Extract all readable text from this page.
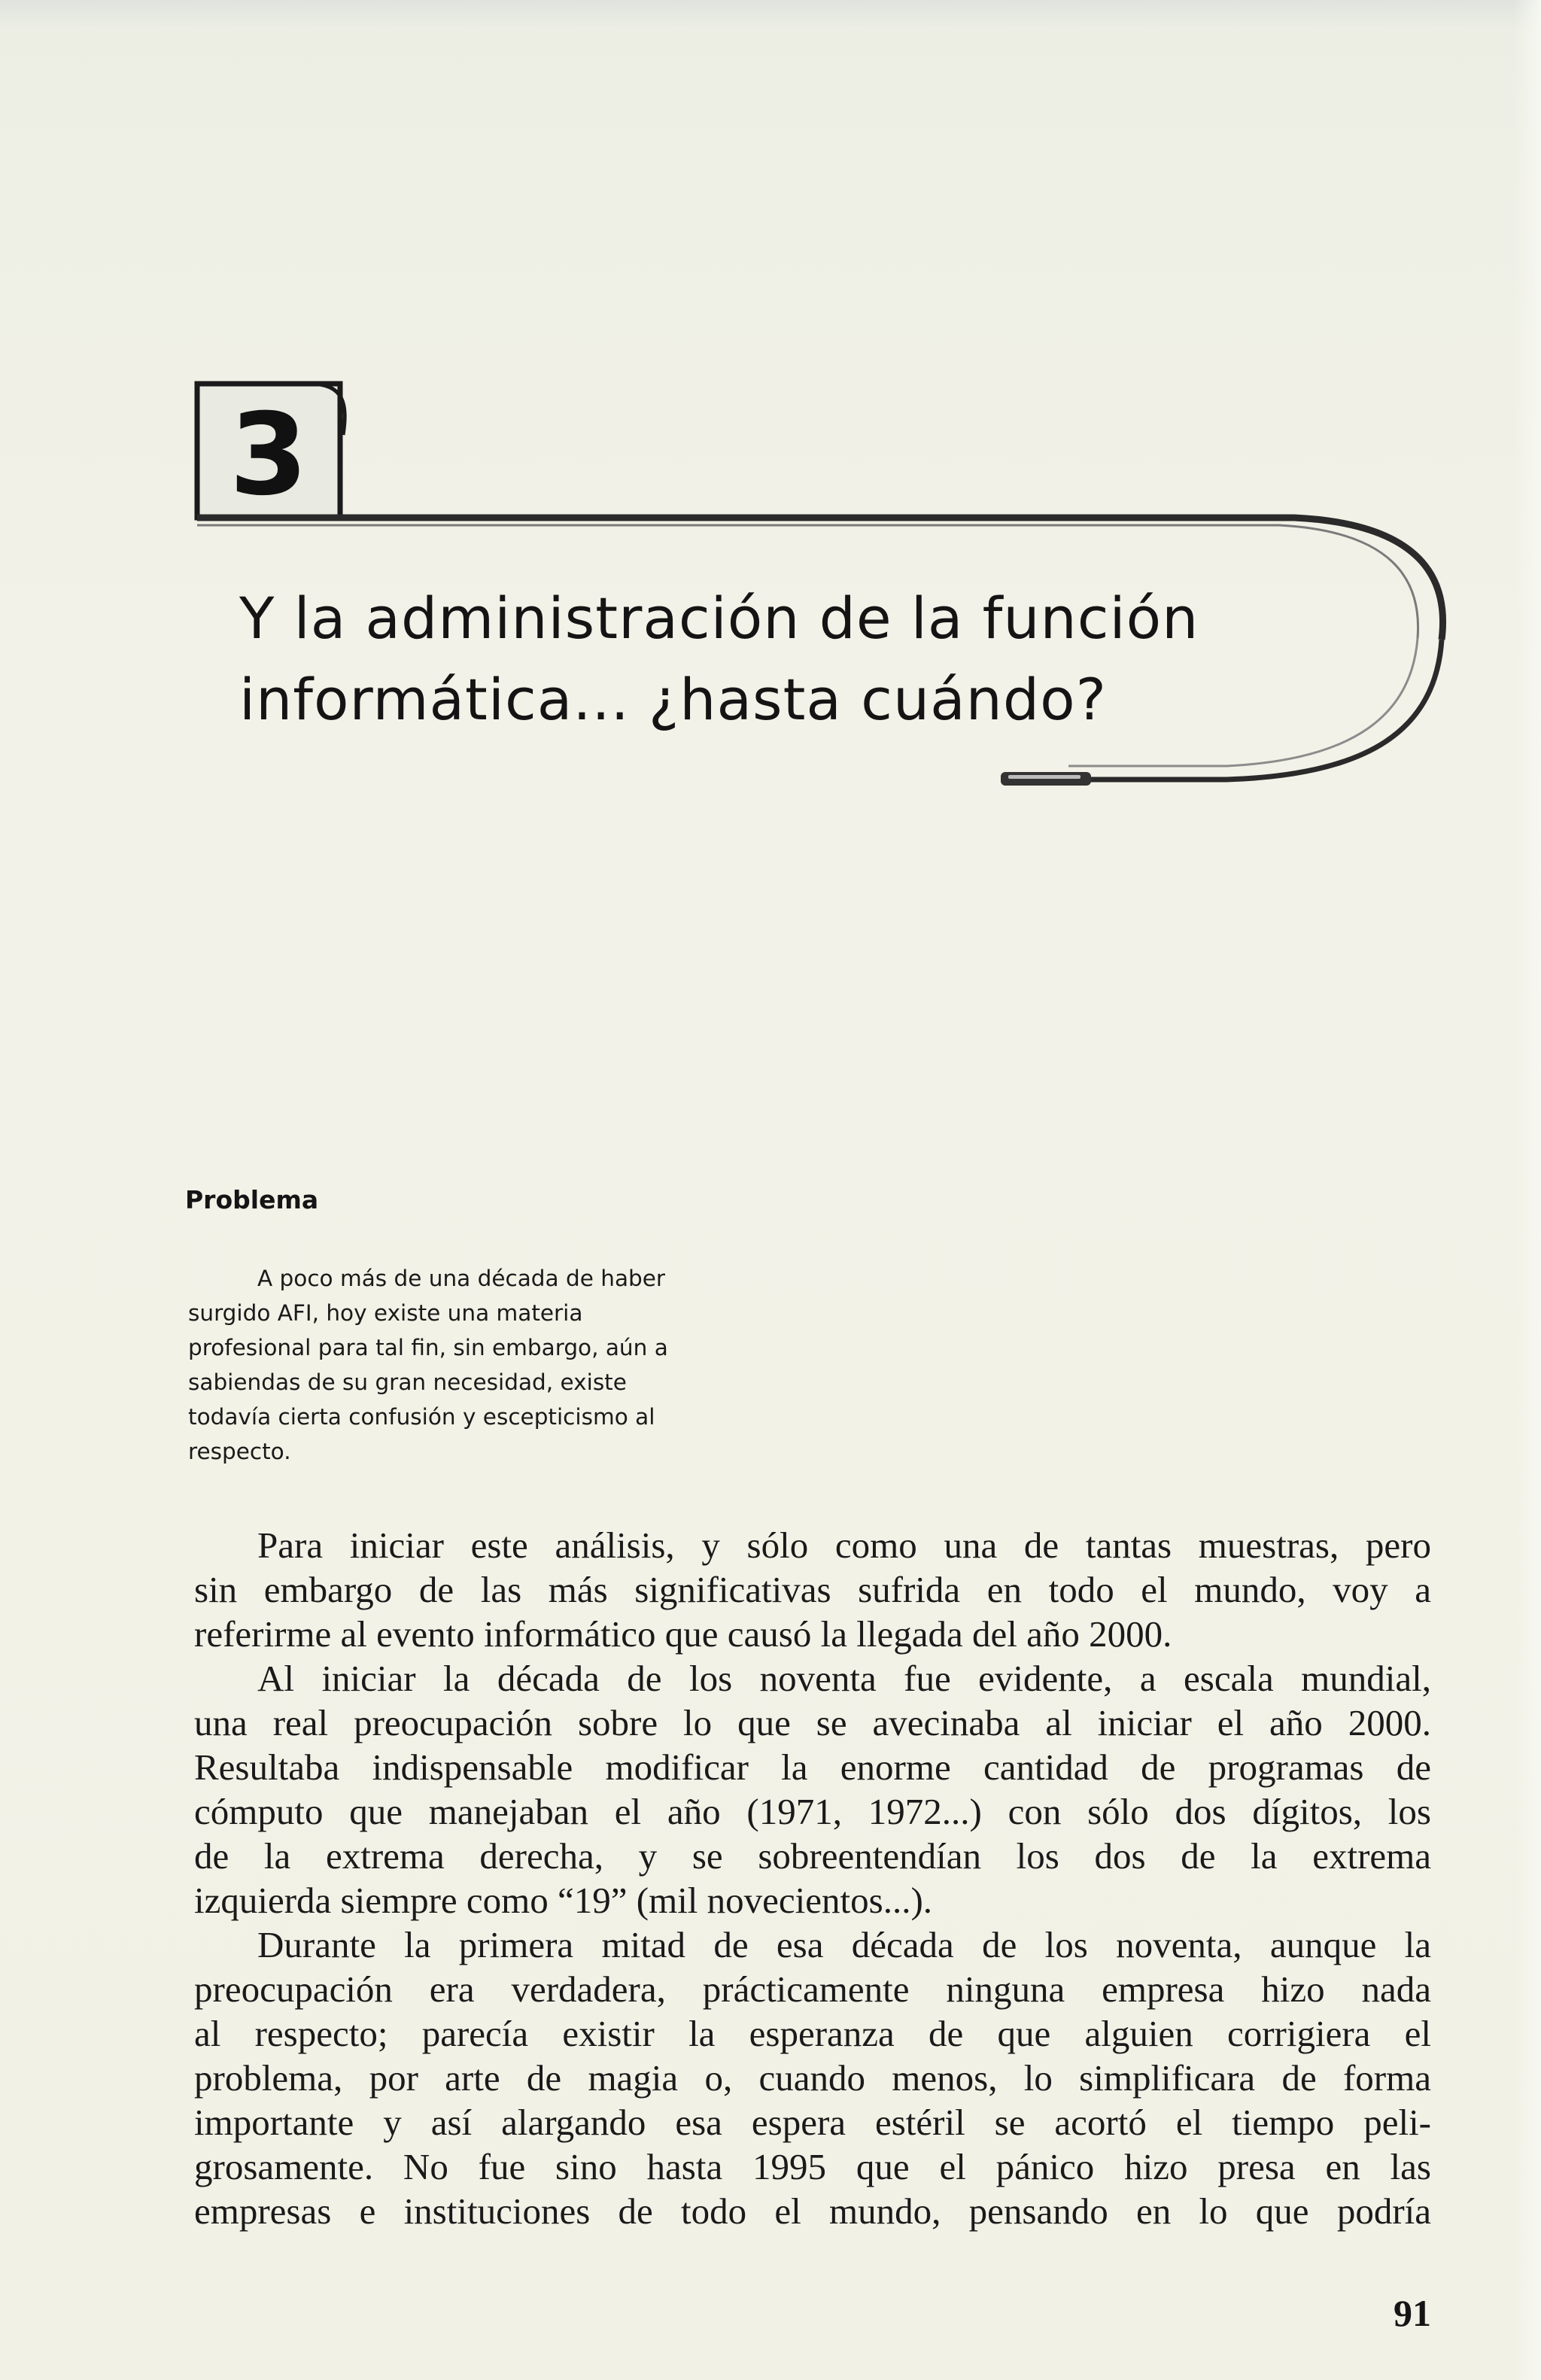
3
Y la administración de la función
informática... ¿hasta cuándo?
Problema
A poco más de una década de haber
surgido AFI, hoy existe una materia
profesional para tal fin, sin embargo, aún a
sabiendas de su gran necesidad, existe
todavía cierta confusión y escepticismo al
respecto.
Para iniciar este análisis, y sólo como una de tantas muestras, pero
sin embargo de las más significativas sufrida en todo el mundo, voy a
referirme al evento informático que causó la llegada del año 2000.
Al iniciar la década de los noventa fue evidente, a escala mundial,
una real preocupación sobre lo que se avecinaba al iniciar el año 2000.
Resultaba indispensable modificar la enorme cantidad de programas de
cómputo que manejaban el año (1971, 1972...) con sólo dos dígitos, los
de la extrema derecha, y se sobreentendían los dos de la extrema
izquierda siempre como “19” (mil novecientos...).
Durante la primera mitad de esa década de los noventa, aunque la
preocupación era verdadera, prácticamente ninguna empresa hizo nada
al respecto; parecía existir la esperanza de que alguien corrigiera el
problema, por arte de magia o, cuando menos, lo simplificara de forma
importante y así alargando esa espera estéril se acortó el tiempo peli-
grosamente. No fue sino hasta 1995 que el pánico hizo presa en las
empresas e instituciones de todo el mundo, pensando en lo que podría
91
